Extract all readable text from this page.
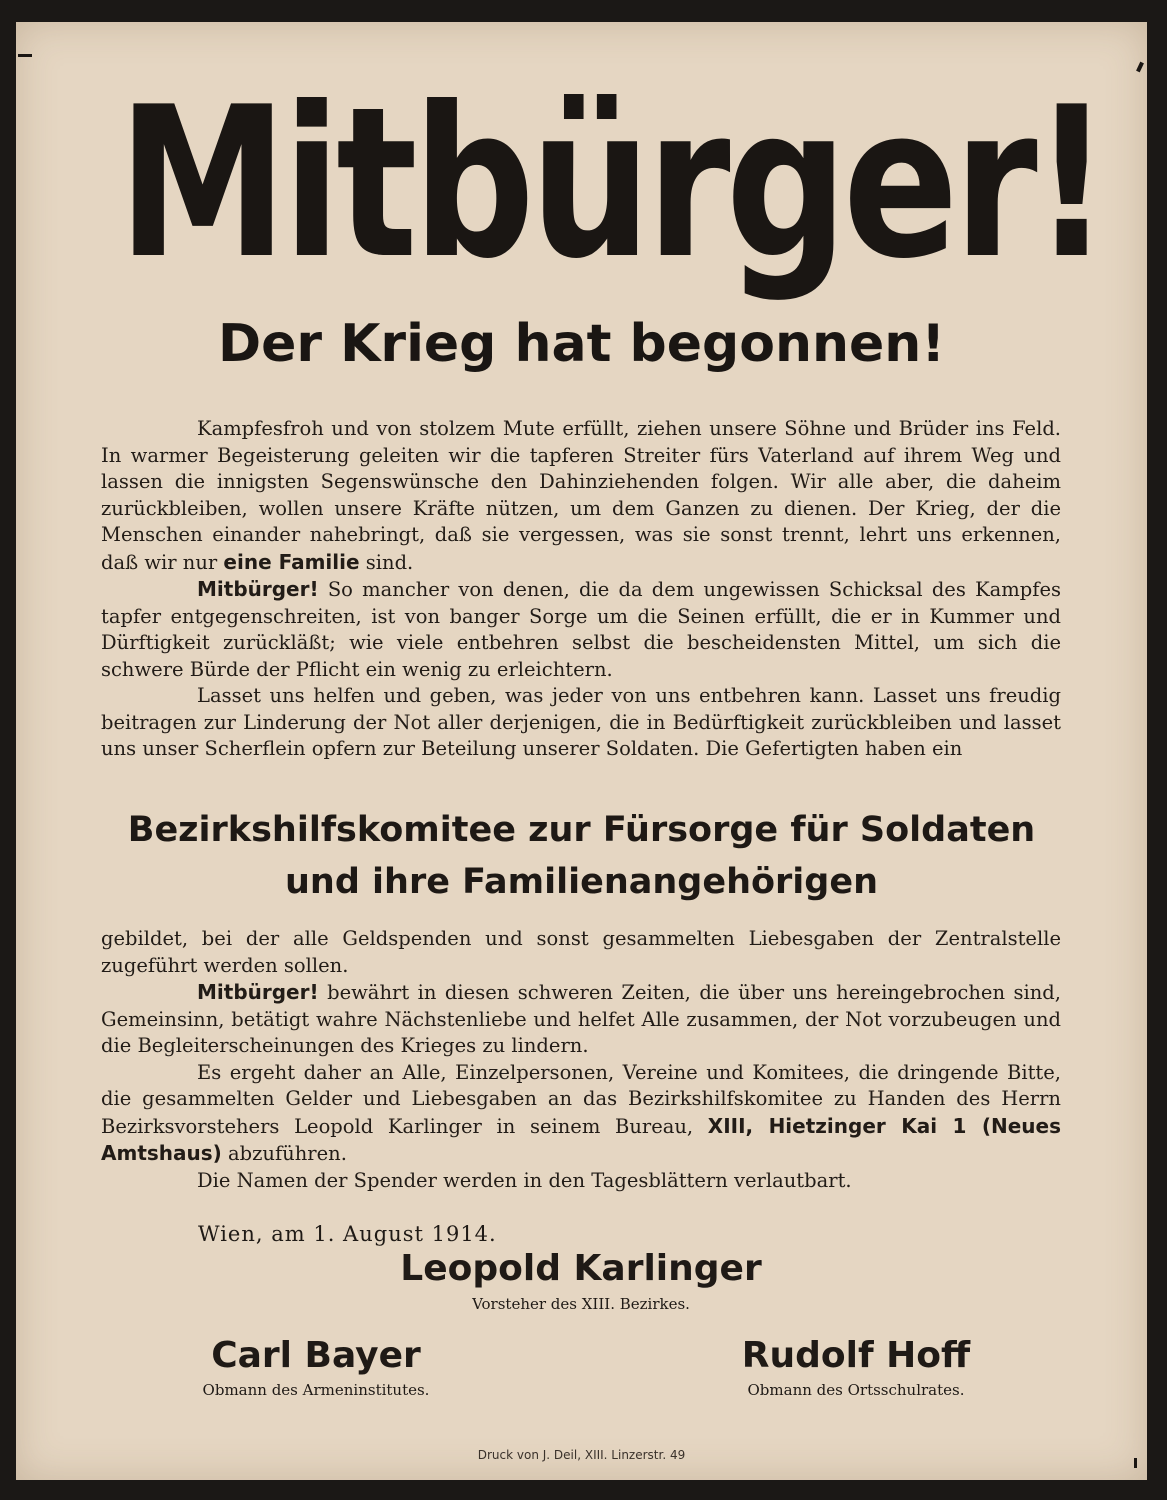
Mitbürger!
Der Krieg hat begonnen!

Kampfesfroh und von stolzem Mute erfüllt, ziehen unsere Söhne und Brüder ins Feld. In warmer Begeisterung geleiten wir die tapferen Streiter fürs Vaterland auf ihrem Weg und lassen die innigsten Segenswünsche den Dahinziehenden folgen. Wir alle aber, die daheim zurückbleiben, wollen unsere Kräfte nützen, um dem Ganzen zu dienen. Der Krieg, der die Menschen einander nahebringt, daß sie vergessen, was sie sonst trennt, lehrt uns erkennen, daß wir nur eine Familie sind.

Mitbürger! So mancher von denen, die da dem ungewissen Schicksal des Kampfes tapfer entgegenschreiten, ist von banger Sorge um die Seinen erfüllt, die er in Kummer und Dürftigkeit zurückläßt; wie viele entbehren selbst die bescheidensten Mittel, um sich die schwere Bürde der Pflicht ein wenig zu erleichtern.

Lasset uns helfen und geben, was jeder von uns entbehren kann. Lasset uns freudig beitragen zur Linderung der Not aller derjenigen, die in Bedürftigkeit zurückbleiben und lasset uns unser Scherflein opfern zur Beteilung unserer Soldaten. Die Gefertigten haben ein

Bezirkshilfskomitee zur Fürsorge für Soldaten
und ihre Familienangehörigen

gebildet, bei der alle Geldspenden und sonst gesammelten Liebesgaben der Zentralstelle zugeführt werden sollen.

Mitbürger! bewährt in diesen schweren Zeiten, die über uns hereingebrochen sind, Gemeinsinn, betätigt wahre Nächstenliebe und helfet Alle zusammen, der Not vorzubeugen und die Begleiterscheinungen des Krieges zu lindern.

Es ergeht daher an Alle, Einzelpersonen, Vereine und Komitees, die dringende Bitte, die gesammelten Gelder und Liebesgaben an das Bezirkshilfskomitee zu Handen des Herrn Bezirksvorstehers Leopold Karlinger in seinem Bureau, XIII, Hietzinger Kai 1 (Neues Amtshaus) abzuführen.

Die Namen der Spender werden in den Tagesblättern verlautbart.

Wien, am 1. August 1914.
Leopold Karlinger
Vorsteher des XIII. Bezirkes.
Carl Bayer
Obmann des Armeninstitutes.
Rudolf Hoff
Obmann des Ortsschulrates.
Druck von J. Deil, XIII. Linzerstr. 49
